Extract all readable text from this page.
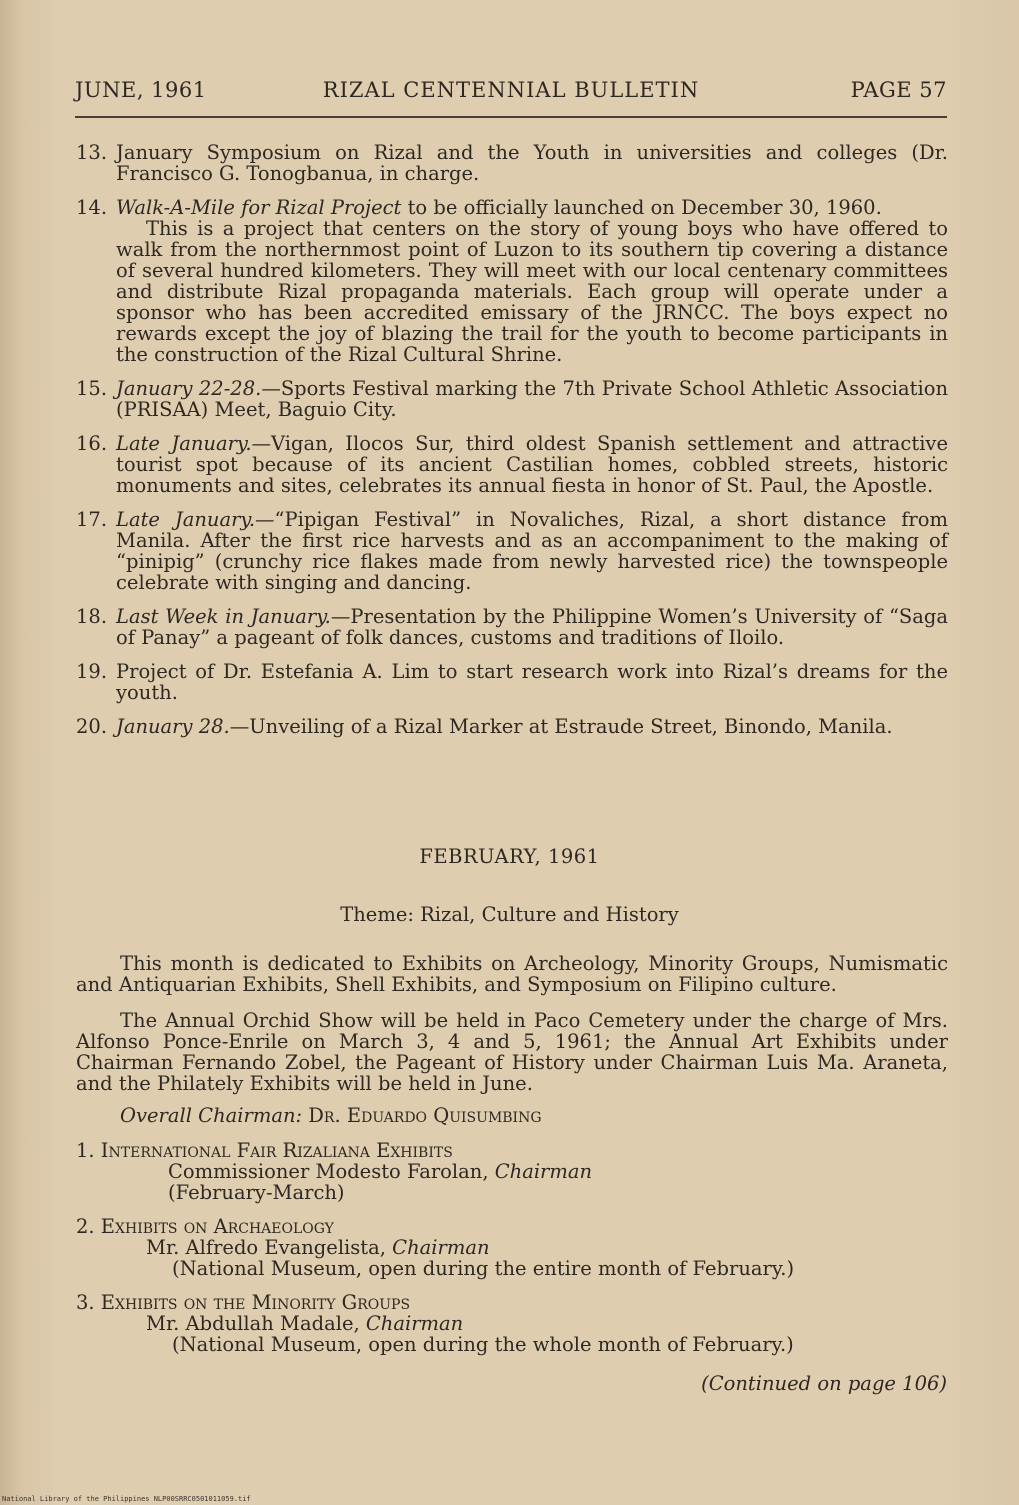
JUNE, 1961	RIZAL CENTENNIAL BULLETIN	PAGE 57
13. January Symposium on Rizal and the Youth in universities and colleges (Dr. Francisco G. Tonogbanua, in charge.
14. Walk-A-Mile for Rizal Project to be officially launched on December 30, 1960.
This is a project that centers on the story of young boys who have offered to walk from the northernmost point of Luzon to its southern tip covering a distance of several hundred kilometers. They will meet with our local centenary committees and distribute Rizal propaganda materials. Each group will operate under a sponsor who has been accredited emissary of the JRNCC. The boys expect no rewards except the joy of blazing the trail for the youth to become participants in the construction of the Rizal Cultural Shrine.
15. January 22-28.—Sports Festival marking the 7th Private School Athletic Association (PRISAA) Meet, Baguio City.
16. Late January.—Vigan, Ilocos Sur, third oldest Spanish settlement and attractive tourist spot because of its ancient Castilian homes, cobbled streets, historic monuments and sites, celebrates its annual fiesta in honor of St. Paul, the Apostle.
17. Late January.—“Pipigan Festival” in Novaliches, Rizal, a short distance from Manila. After the first rice harvests and as an accompaniment to the making of “pinipig” (crunchy rice flakes made from newly harvested rice) the townspeople celebrate with singing and dancing.
18. Last Week in January.—Presentation by the Philippine Women’s University of “Saga of Panay” a pageant of folk dances, customs and traditions of Iloilo.
19. Project of Dr. Estefania A. Lim to start research work into Rizal’s dreams for the youth.
20. January 28.—Unveiling of a Rizal Marker at Estraude Street, Binondo, Manila.
FEBRUARY, 1961
Theme: Rizal, Culture and History
This month is dedicated to Exhibits on Archeology, Minority Groups, Numismatic and Antiquarian Exhibits, Shell Exhibits, and Symposium on Filipino culture.
The Annual Orchid Show will be held in Paco Cemetery under the charge of Mrs. Alfonso Ponce-Enrile on March 3, 4 and 5, 1961; the Annual Art Exhibits under Chairman Fernando Zobel, the Pageant of History under Chairman Luis Ma. Araneta, and the Philately Exhibits will be held in June.
Overall Chairman: Dr. Eduardo Quisumbing
1. International Fair Rizaliana Exhibits
Commissioner Modesto Farolan, Chairman
(February-March)
2. Exhibits on Archaeology
Mr. Alfredo Evangelista, Chairman
(National Museum, open during the entire month of February.)
3. Exhibits on the Minority Groups
Mr. Abdullah Madale, Chairman
(National Museum, open during the whole month of February.)
(Continued on page 106)
National Library of the Philippines NLP00SRRC0501011059.tif
